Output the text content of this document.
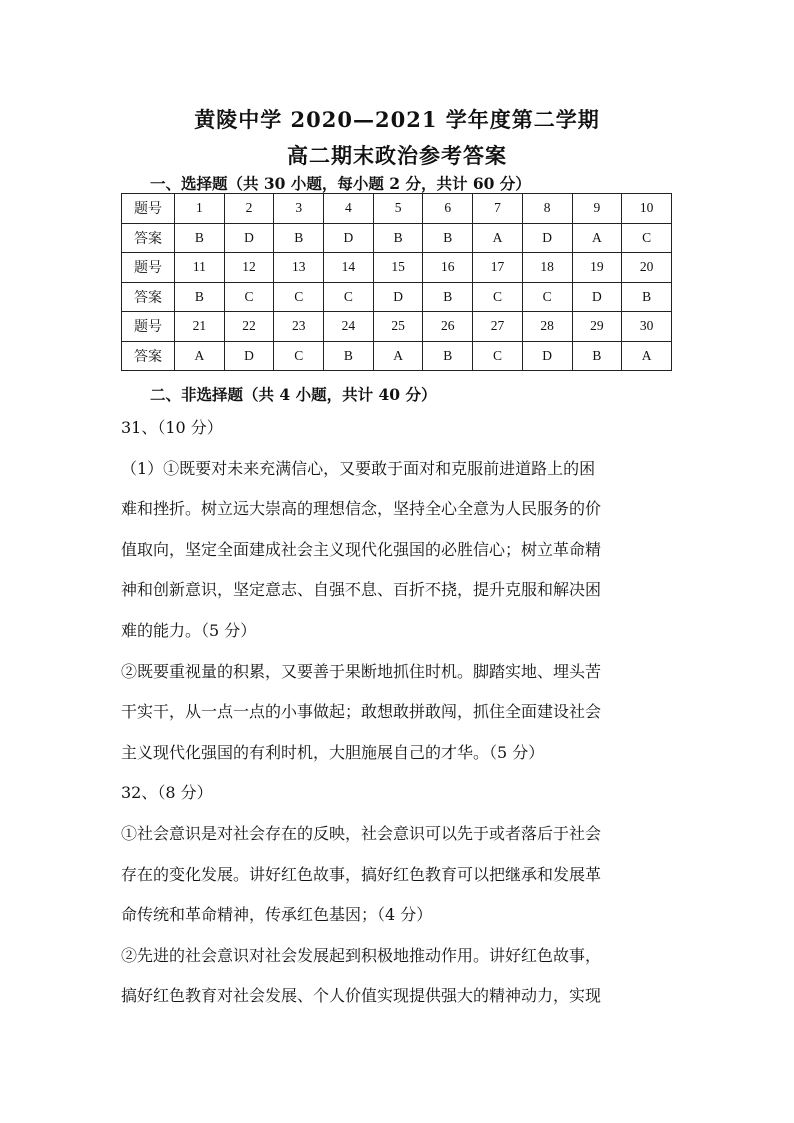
黄陵中学 2020—2021 学年度第二学期
高二期末政治参考答案
一、选择题（共 30 小题，每小题 2 分，共计 60 分）
题号	1	2	3	4	5	6	7	8	9	10
答案	B	D	B	D	B	B	A	D	A	C
题号	11	12	13	14	15	16	17	18	19	20
答案	B	C	C	C	D	B	C	C	D	B
题号	21	22	23	24	25	26	27	28	29	30
答案	A	D	C	B	A	B	C	D	B	A
二、非选择题（共 4 小题，共计 40 分）
31、（10 分）
（1）①既要对未来充满信心，又要敢于面对和克服前进道路上的困
难和挫折。树立远大崇高的理想信念，坚持全心全意为人民服务的价
值取向，坚定全面建成社会主义现代化强国的必胜信心；树立革命精
神和创新意识，坚定意志、自强不息、百折不挠，提升克服和解决困
难的能力。（5 分）
②既要重视量的积累，又要善于果断地抓住时机。脚踏实地、埋头苦
干实干，从一点一点的小事做起；敢想敢拼敢闯，抓住全面建设社会
主义现代化强国的有利时机，大胆施展自己的才华。（5 分）
32、（8 分）
①社会意识是对社会存在的反映，社会意识可以先于或者落后于社会
存在的变化发展。讲好红色故事，搞好红色教育可以把继承和发展革
命传统和革命精神，传承红色基因；（4 分）
②先进的社会意识对社会发展起到积极地推动作用。讲好红色故事，
搞好红色教育对社会发展、个人价值实现提供强大的精神动力，实现
